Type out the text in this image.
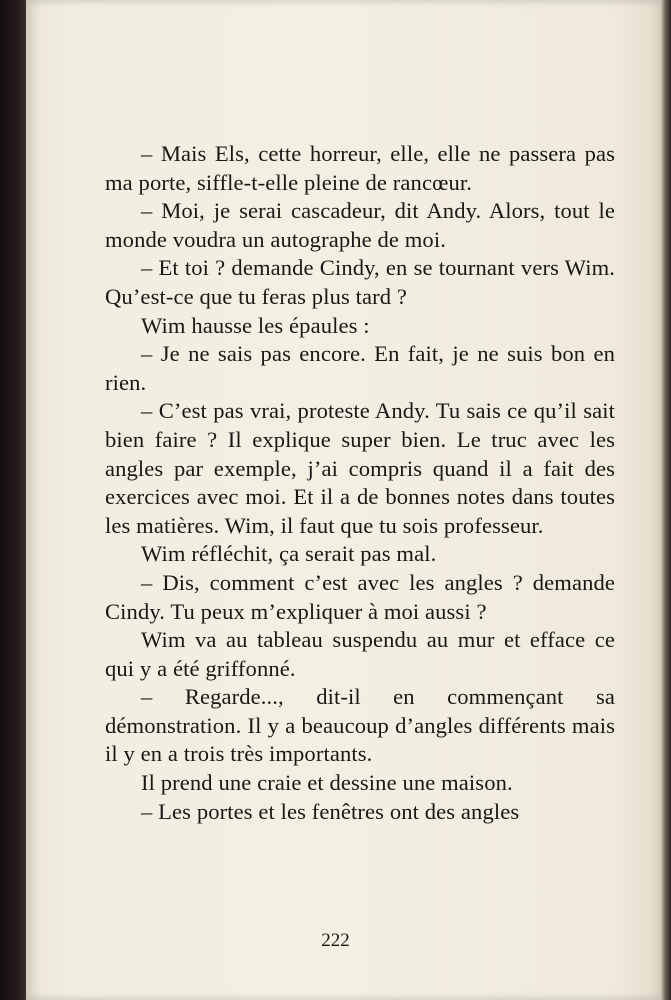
– Mais Els, cette horreur, elle, elle ne passera pas ma porte, siffle-t-elle pleine de rancœur.

– Moi, je serai cascadeur, dit Andy. Alors, tout le monde voudra un autographe de moi.

– Et toi ? demande Cindy, en se tournant vers Wim. Qu’est-ce que tu feras plus tard ?

Wim hausse les épaules :

– Je ne sais pas encore. En fait, je ne suis bon en rien.

– C’est pas vrai, proteste Andy. Tu sais ce qu’il sait bien faire ? Il explique super bien. Le truc avec les angles par exemple, j’ai compris quand il a fait des exercices avec moi. Et il a de bonnes notes dans toutes les matières. Wim, il faut que tu sois professeur.

Wim réfléchit, ça serait pas mal.

– Dis, comment c’est avec les angles ? demande Cindy. Tu peux m’expliquer à moi aussi ?

Wim va au tableau suspendu au mur et efface ce qui y a été griffonné.

– Regarde..., dit-il en commençant sa démonstration. Il y a beaucoup d’angles différents mais il y en a trois très importants.

Il prend une craie et dessine une maison.

– Les portes et les fenêtres ont des angles

222
